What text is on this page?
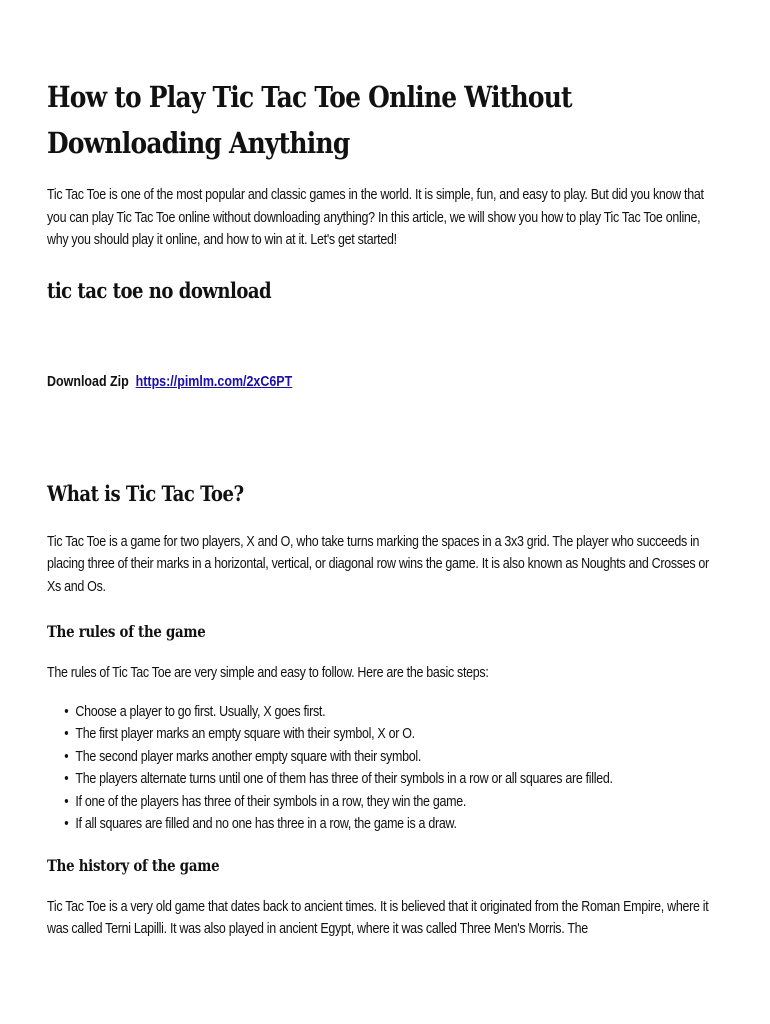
How to Play Tic Tac Toe Online Without Downloading Anything

Tic Tac Toe is one of the most popular and classic games in the world. It is simple, fun, and easy to play. But did you know that you can play Tic Tac Toe online without downloading anything? In this article, we will show you how to play Tic Tac Toe online, why you should play it online, and how to win at it. Let's get started!

tic tac toe no download
Download Zip https://pimlm.com/2xC6PT
What is Tic Tac Toe?

Tic Tac Toe is a game for two players, X and O, who take turns marking the spaces in a 3x3 grid. The player who succeeds in placing three of their marks in a horizontal, vertical, or diagonal row wins the game. It is also known as Noughts and Crosses or Xs and Os.

The rules of the game

The rules of Tic Tac Toe are very simple and easy to follow. Here are the basic steps:

• Choose a player to go first. Usually, X goes first.
• The first player marks an empty square with their symbol, X or O.
• The second player marks another empty square with their symbol.
• The players alternate turns until one of them has three of their symbols in a row or all squares are filled.
• If one of the players has three of their symbols in a row, they win the game.
• If all squares are filled and no one has three in a row, the game is a draw.
The history of the game

Tic Tac Toe is a very old game that dates back to ancient times. It is believed that it originated from the Roman Empire, where it was called Terni Lapilli. It was also played in ancient Egypt, where it was called Three Men's Morris. The
